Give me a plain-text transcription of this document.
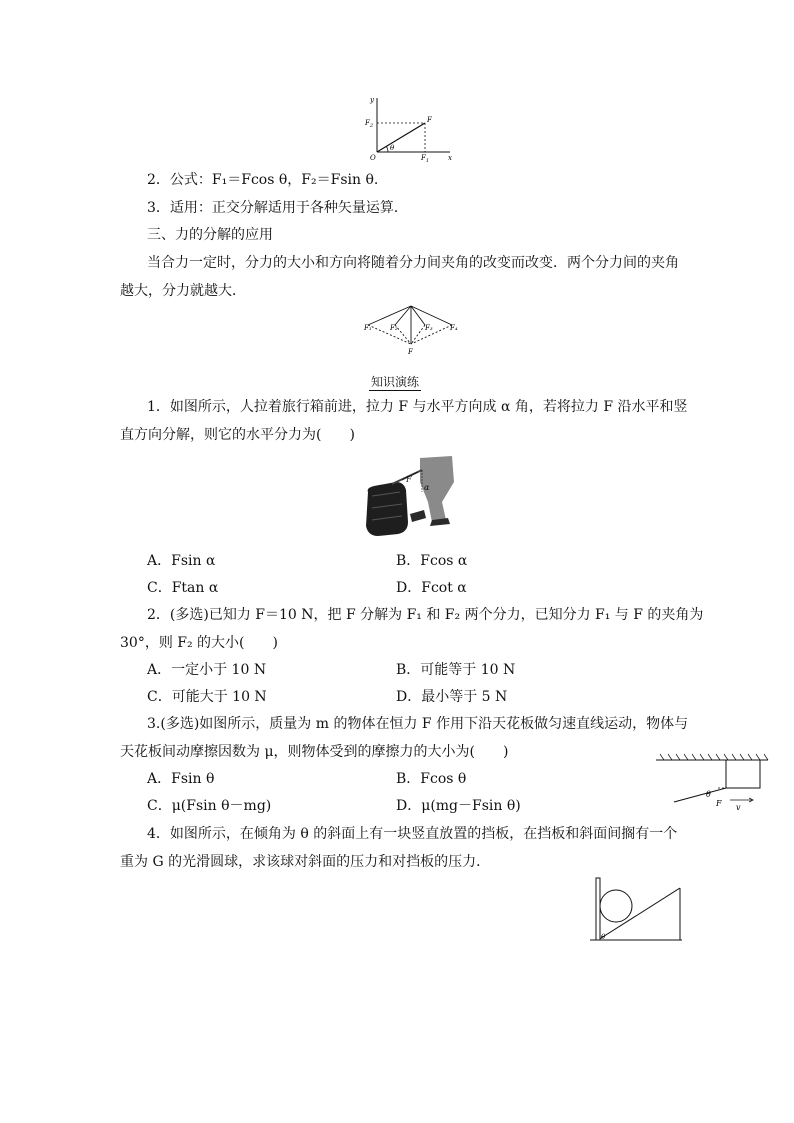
y
x
O
F
$F_1$
$F_2$
θ
2．公式：F₁＝Fcos θ，F₂＝Fsin θ.
3．适用：正交分解适用于各种矢量运算．
三、力的分解的应用
当合力一定时，分力的大小和方向将随着分力间夹角的改变而改变．两个分力间的夹角
越大，分力就越大．
F₁	F₂	F₃ F₄
F
知识演练
1．如图所示，人拉着旅行箱前进，拉力 F 与水平方向成 α 角，若将拉力 F 沿水平和竖
直方向分解，则它的水平分力为(　　)
F
α
A．Fsin α	B．Fcos α
C．Ftan α	D．Fcot α
2．(多选)已知力 F＝10 N，把 F 分解为 F₁ 和 F₂ 两个分力，已知分力 F₁ 与 F 的夹角为
30°，则 F₂ 的大小(　　)
A．一定小于 10 N	B．可能等于 10 N
C．可能大于 10 N	D．最小等于 5 N
3.(多选)如图所示，质量为 m 的物体在恒力 F 作用下沿天花板做匀速直线运动，物体与
天花板间动摩擦因数为 μ，则物体受到的摩擦力的大小为(　　)
A．Fsin θ	B．Fcos θ
C．μ(Fsin θ－mg)	D．μ(mg－Fsin θ)
θ
F v
4．如图所示，在倾角为 θ 的斜面上有一块竖直放置的挡板，在挡板和斜面间搁有一个
重为 G 的光滑圆球，求该球对斜面的压力和对挡板的压力．
θ
